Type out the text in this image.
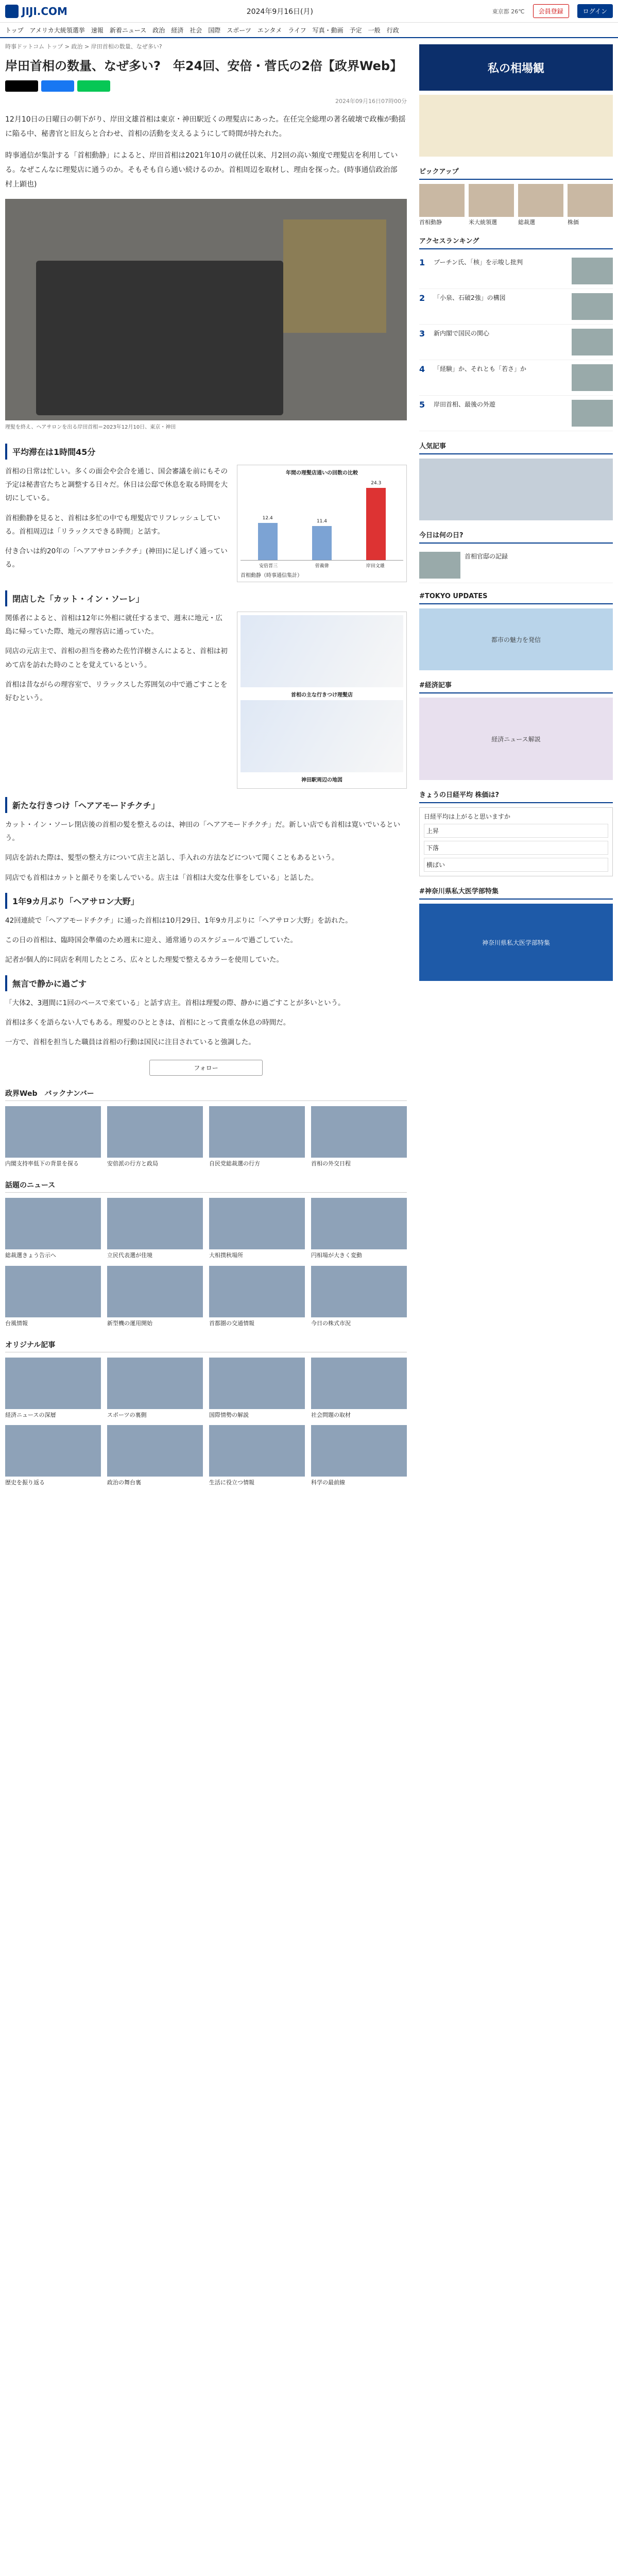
JIJI.COM	2024年9月16日(月)	東京都 26℃	会員登録	ログイン
トップ アメリカ大統領選挙 速報 新着ニュース 政治 経済 社会 国際 スポーツ エンタメ ライフ 写真・動画 予定 一般 行政
時事ドットコム トップ > 政治 > 岸田首相の数量、なぜ多い?
岸田首相の数量、なぜ多い?　年24回、安倍・菅氏の2倍【政界Web】
2024年09月16日07時00分

12月10日の日曜日の朝下がり、岸田文雄首相は東京・神田駅近くの理髪店にあった。在任完全総理の著名破壊で政権が動揺に陥る中、秘書官と旧友らと合わせ、首相の活動を支えるようにして時間が持たれた。

時事通信が集計する「首相動静」によると、岸田首相は2021年10月の就任以来、月2回の高い頻度で理髪店を利用している。なぜこんなに理髪店に通うのか。そもそも自ら通い続けるのか。首相周辺を取材し、理由を探った。(時事通信政治部　村上顕也)

理髪を終え、ヘアサロンを出る岸田首相＝2023年12月10日、東京・神田
平均滞在は1時間45分

首相の日常は忙しい。多くの面会や会合を通じ、国会審議を前にもその予定は秘書官たちと調整する日々だ。休日は公邸で休息を取る時間を大切にしている。

首相動静を見ると、首相は多忙の中でも理髪店でリフレッシュしている。首相周辺は「リラックスできる時間」と話す。

付き合いは約20年の「ヘアアサロンチクチ」(神田)に足しげく通っている。

年間の理髪店通いの回数の比較
12.4
11.4
24.3
安倍晋三	菅義偉	岸田文雄
首相動静（時事通信集計）
閉店した「カット・イン・ソーレ」

関係者によると、首相は12年に外相に就任するまで、週末に地元・広島に帰っていた際、地元の理容店に通っていた。

同店の元店主で、首相の担当を務めた佐竹洋樹さんによると、首相は初めて店を訪れた時のことを覚えているという。

首相は昔ながらの理容室で、リラックスした雰囲気の中で過ごすことを好むという。	首相の主な行きつけ理髪店
神田駅周辺の地図
新たな行きつけ「ヘアアモードチクチ」

カット・イン・ソーレ閉店後の首相の髪を整えるのは、神田の「ヘアアモードチクチ」だ。新しい店でも首相は寛いでいるという。

同店を訪れた際は、髪型の整え方について店主と話し、手入れの方法などについて聞くこともあるという。

同店でも首相はカットと顔そりを楽しんでいる。店主は「首相は大変な仕事をしている」と話した。

1年9カ月ぶり「ヘアサロン大野」

42回連続で「ヘアアモードチクチ」に通った首相は10月29日、1年9カ月ぶりに「ヘアサロン大野」を訪れた。

この日の首相は、臨時国会準備のため週末に迎え、通常通りのスケジュールで過ごしていた。

記者が個人的に同店を利用したところ、広々とした理髪で整えるカラーを使用していた。

無言で静かに過ごす

「大体2、3週間に1回のペースで来ている」と話す店主。首相は理髪の際、静かに過ごすことが多いという。

首相は多くを語らない人でもある。理髪のひとときは、首相にとって貴重な休息の時間だ。

一方で、首相を担当した職員は首相の行動は国民に注目されていると強調した。

フォロー
政界Web　バックナンバー
内閣支持率低下の背景を探る	安倍派の行方と政局	自民党総裁選の行方	首相の外交日程
話題のニュース
総裁選きょう告示へ	立民代表選が佳境	大相撲秋場所	円相場が大きく変動
台風情報	新型機の運用開始	首都圏の交通情報	今日の株式市況
オリジナル記事
経済ニュースの深層	スポーツの裏側	国際情勢の解説	社会問題の取材
歴史を振り返る	政治の舞台裏	生活に役立つ情報	科学の最前線
私の相場観
ピックアップ
首相動静	米大統領選	総裁選	株価
アクセスランキング
1	ブーチン氏、「核」を示唆し批判
2	「小泉、石破2強」の構図
3	新内閣で国民の関心
4	「経験」か、それとも「若さ」か
5	岸田首相、最後の外遊
人気記事
今日は何の日?
首相官邸の記録
#TOKYO UPDATES
都市の魅力を発信
#経済記事
経済ニュース解説
きょうの日経平均 株価は?
日経平均は上がると思いますか
上昇
下落
横ばい
#神奈川県私大医学部特集
神奈川県私大医学部特集
